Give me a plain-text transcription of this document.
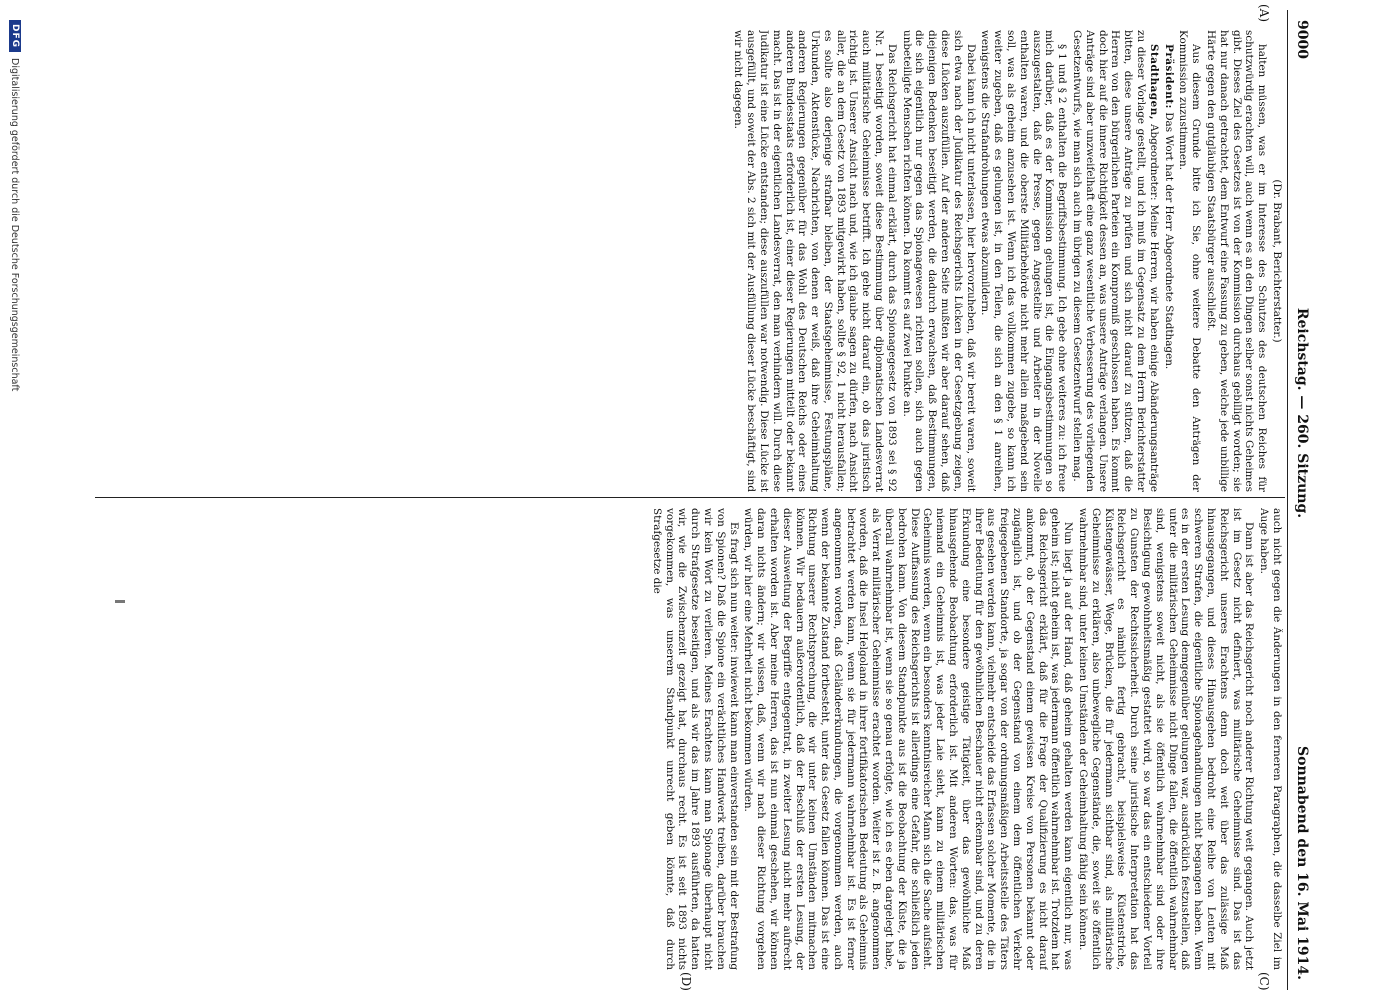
9000
Reichstag. — 260. Sitzung.
Sonnabend den 16. Mai 1914.
(A)
(C)
(D)

(Dr. Brabant, Berichterstatter.)

halten müssen, was er im Interesse des Schutzes des deutschen Reiches für schutzwürdig erachten will, auch wenn es an den Dingen selber sonst nichts Geheimes gibt. Dieses Ziel des Gesetzes ist von der Kommission durchaus gebilligt worden; sie hat nur danach getrachtet, dem Entwurf eine Fassung zu geben, welche jede unbillige Härte gegen den gutgläubigen Staatsbürger ausschließt.

Aus diesem Grunde bitte ich Sie, ohne weitere Debatte den Anträgen der Kommission zuzustimmen.

Präsident: Das Wort hat der Herr Abgeordnete Stadthagen.

Stadthagen, Abgeordneter: Meine Herren, wir haben einige Abänderungsanträge zu dieser Vorlage gestellt, und ich muß im Gegensatz zu dem Herrn Berichterstatter bitten, diese unsere Anträge zu prüfen und sich nicht darauf zu stützen, daß die Herren von den bürgerlichen Parteien ein Kompromiß geschlossen haben. Es kommt doch hier auf die innere Richtigkeit dessen an, was unsere Anträge verlangen. Unsere Anträge sind aber unzweifelhaft eine ganz wesentliche Verbesserung des vorliegenden Gesetzentwurfs, wie man sich auch im übrigen zu diesem Gesetzentwurf stellen mag.

§ 1 und § 2 enthalten die Begriffsbestimmung. Ich gebe ohne weiteres zu: ich freue mich darüber, daß es der Kommission gelungen ist, die Eingangsbestimmungen so auszugestalten, daß die Presse, gegen Angestellte und Arbeiter in der Novelle enthalten waren, und die oberste Militärbehörde nicht mehr allein maßgebend sein soll, was als geheim anzusehen ist. Wenn ich das vollkommen zugebe, so kann ich weiter zugeben, daß es gelungen ist, in den Teilen, die sich an den § 1 anreihen, wenigstens die Strafandrohungen etwas abzumildern.

Dabei kann ich nicht unterlassen, hier hervorzuheben, daß wir bereit waren, soweit sich etwa nach der Judikatur des Reichsgerichts Lücken in der Gesetzgebung zeigen, diese Lücken auszufüllen. Auf der anderen Seite mußten wir aber darauf sehen, daß diejenigen Bedenken beseitigt werden, die dadurch erwachsen, daß Bestimmungen, die sich eigentlich nur gegen das Spionagewesen richten sollen, sich auch gegen unbeteiligte Menschen richten können. Da kommt es auf zwei Punkte an.

Das Reichsgericht hat einmal erklärt, durch das Spionagegesetz von 1893 sei § 92 Nr. 1 beseitigt worden, soweit diese Bestimmung über diplomatischen Landesverrat auch militärische Geheimnisse betrifft. Ich gehe nicht darauf ein, ob das juristisch richtig ist. Unserer Ansicht nach und, wie ich glaube sagen zu dürfen, nach Ansicht aller, die an dem Gesetz von 1893 mitgewirkt haben, sollte § 92, 1 nicht herausfallen; es sollte also derjenige strafbar bleiben, der Staatsgeheimnisse, Festungspläne, Urkunden, Aktenstücke, Nachrichten, von denen er weiß, daß ihre Geheimhaltung anderen Regierungen gegenüber für das Wohl des Deutschen Reichs oder eines anderen Bundesstaats erforderlich ist, einer dieser Regierungen mitteilt oder bekannt macht. Das ist in der eigentlichen Landesverrat, den man verhindern will. Durch diese Judikatur ist eine Lücke entstanden; diese auszufüllen war notwendig. Diese Lücke ist ausgefüllt, und soweit der Abs. 2 sich mit der Ausfüllung dieser Lücke beschäftigt, sind wir nicht dagegen.

auch nicht gegen die Änderungen in den ferneren Paragraphen, die dasselbe Ziel im Auge haben.

Dann ist aber das Reichsgericht noch anderer Richtung weit gegangen. Auch jetzt ist im Gesetz nicht definiert, was militärische Geheimnisse sind. Das ist das Reichsgericht unseres Erachtens denn doch weit über das zulässige Maß hinausgegangen, und dieses Hinausgehen bedroht eine Reihe von Leuten mit schweren Strafen, die eigentliche Spionagehandlungen nicht begangen haben. Wenn es in der ersten Lesung demgegenüber gelungen war, ausdrücklich festzustellen, daß unter die militärischen Geheimnisse nicht Dinge fallen, die öffentlich wahrnehmbar sind, wenigstens soweit nicht, als sie öffentlich wahrnehmbar sind oder ihre Besichtigung gewohnheitsmäßig gestattet wird, so war das ein entschiedener Vorteil zu Gunsten der Rechtssicherheit. Durch seine juristische Interpretation hat das Reichsgericht es nämlich fertig gebracht, beispielsweise Küstenstriche, Küstengewässer, Wege, Brücken, die für jedermann sichtbar sind, als militärische Geheimnisse zu erklären, also unbewegliche Gegenstände, die, soweit sie öffentlich wahrnehmbar sind, unter keinen Umständen der Geheimhaltung fähig sein können.

Nun liegt ja auf der Hand, daß geheim gehalten werden kann eigentlich nur, was geheim ist; nicht geheim ist, was jedermann öffentlich wahrnehmbar ist. Trotzdem hat das Reichsgericht erklärt, daß für die Frage der Qualifizierung es nicht darauf ankommt, ob der Gegenstand einem gewissen Kreise von Personen bekannt oder zugänglich ist, und ob der Gegenstand von einem dem öffentlichen Verkehr freigegebenen Standorte, ja sogar von der ordnungsmäßigen Arbeitsstelle des Täters aus gesehen werden kann, vielmehr entscheide das Erfassen solcher Momente, die in ihrer Bedeutung für den gewöhnlichen Beschauer nicht erkennbar sind, und zu deren Erkundung eine besondere geistige Tätigkeit, über das gewöhnliche Maß hinausgehende Beobachtung erforderlich ist. Mit anderen Worten: das, was für niemand ein Geheimnis ist, was jeder Laie sieht, kann zu einem militärischen Geheimnis werden, wenn ein besonders kenntnisreicher Mann sich die Sache aufsieht. Diese Auffassung des Reichsgerichts ist allerdings eine Gefahr, die schließlich jeden bedrohen kann. Von diesem Standpunkte aus ist die Beobachtung der Küste, die ja überall wahrnehmbar ist, wenn sie so genau erfolgte, wie ich es eben dargelegt habe, als Verrat militärischer Geheimnisse erachtet worden. Weiter ist z. B. angenommen worden, daß die Insel Helgoland in ihrer fortifikatorischen Bedeutung als Geheimnis betrachtet werden kann, wenn sie für jedermann wahrnehmbar ist. Es ist ferner angenommen worden, daß Geländeerkundungen, die vorgenommen werden, auch wenn der bekannte Zustand fortbesteht, unter das Gesetz fallen können. Das ist eine Richtung unserer Rechtsprechung, die wir unter keinen Umständen mitmachen können. Wir bedauern außerordentlich, daß der Beschluß der ersten Lesung, der dieser Ausweitung der Begriffe entgegentrat, in zweiter Lesung nicht mehr aufrecht erhalten worden ist. Aber meine Herren, das ist nun einmal geschehen, wir können daran nichts ändern; wir wissen, daß, wenn wir nach dieser Richtung vorgehen würden, wir hier eine Mehrheit nicht bekommen würden.

Es fragt sich nun weiter: inwieweit kann man einverstanden sein mit der Bestrafung von Spionen? Daß die Spione ein verächtliches Handwerk treiben, darüber brauchen wir kein Wort zu verlieren. Meines Erachtens kann man Spionage überhaupt nicht durch Strafgesetze beseitigen, und als wir das im Jahre 1893 ausführten, da hatten wir, wie die Zwischenzeit gezeigt hat, durchaus recht. Es ist seit 1893 nichts vorgekommen, was unserem Standpunkt unrecht geben könnte, daß durch Strafgesetze die

DFG
Digitalisierung gefördert durch die Deutsche Forschungsgemeinschaft
